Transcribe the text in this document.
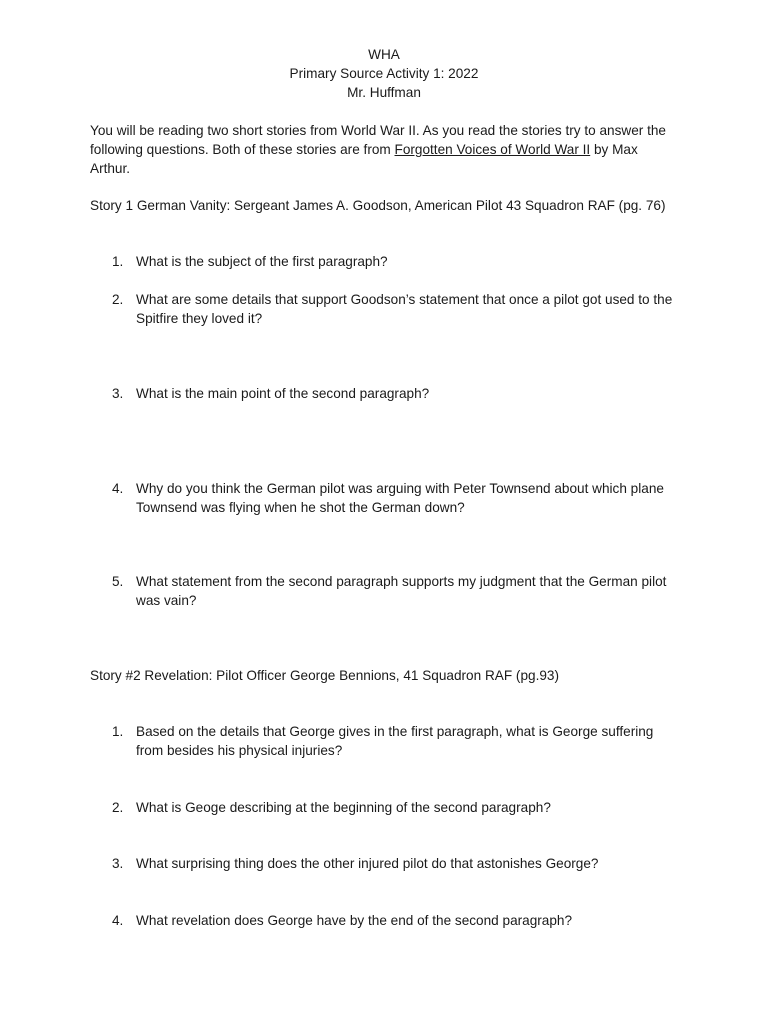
WHA
Primary Source Activity 1: 2022
Mr. Huffman
You will be reading two short stories from World War II. As you read the stories try to answer the following questions. Both of these stories are from Forgotten Voices of World War II by Max Arthur.
Story 1 German Vanity: Sergeant James A. Goodson, American Pilot 43 Squadron RAF (pg. 76)
1. What is the subject of the first paragraph?
2. What are some details that support Goodson’s statement that once a pilot got used to the Spitfire they loved it?
3. What is the main point of the second paragraph?
4. Why do you think the German pilot was arguing with Peter Townsend about which plane Townsend was flying when he shot the German down?
5. What statement from the second paragraph supports my judgment that the German pilot was vain?
Story #2 Revelation: Pilot Officer George Bennions, 41 Squadron RAF (pg.93)
1. Based on the details that George gives in the first paragraph, what is George suffering from besides his physical injuries?
2. What is Geoge describing at the beginning of the second paragraph?
3. What surprising thing does the other injured pilot do that astonishes George?
4. What revelation does George have by the end of the second paragraph?
